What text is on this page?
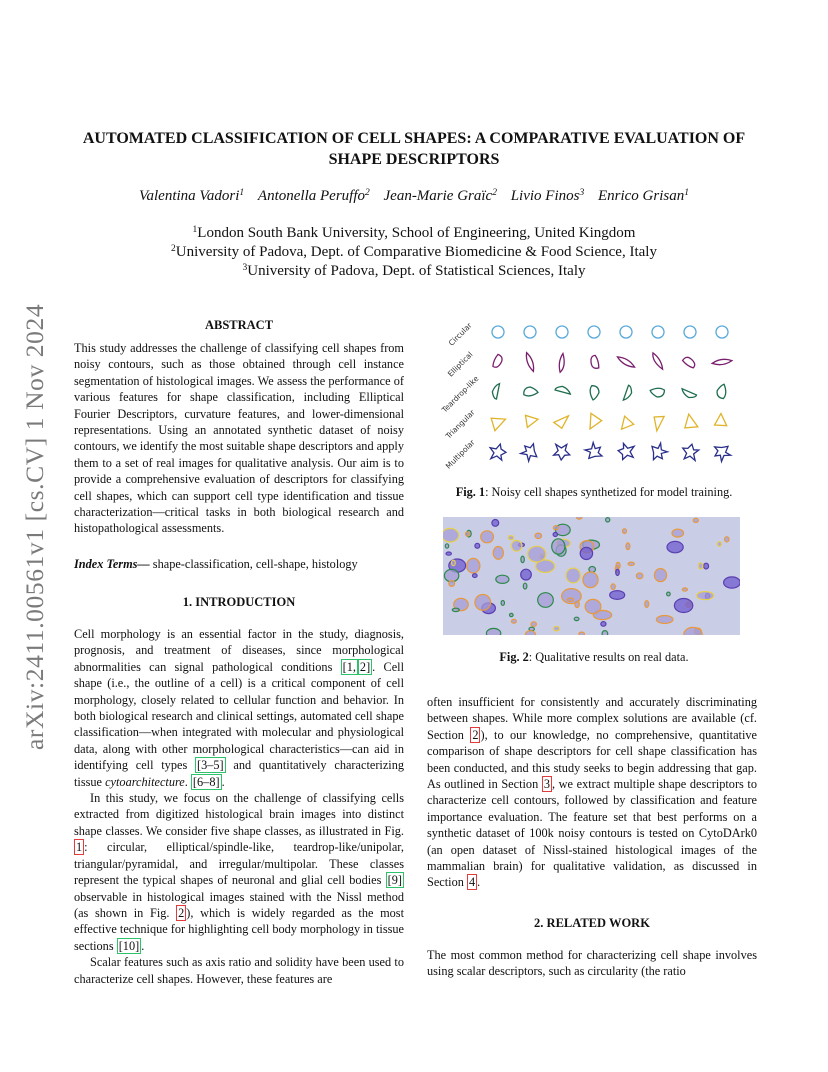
arXiv:2411.00561v1 [cs.CV] 1 Nov 2024
AUTOMATED CLASSIFICATION OF CELL SHAPES: A COMPARATIVE EVALUATION OF
SHAPE DESCRIPTORS
Valentina Vadori$^1$ Antonella Peruffo$^2$ Jean-Marie Graïc$^2$ Livio Finos$^3$ Enrico Grisan$^1$
$^1$London South Bank University, School of Engineering, United Kingdom
$^2$University of Padova, Dept. of Comparative Biomedicine & Food Science, Italy
$^3$University of Padova, Dept. of Statistical Sciences, Italy
ABSTRACT

This study addresses the challenge of classifying cell shapes from noisy contours, such as those obtained through cell instance segmentation of histological images. We assess the performance of various features for shape classification, including Elliptical Fourier Descriptors, curvature features, and lower-dimensional representations. Using an annotated synthetic dataset of noisy contours, we identify the most suitable shape descriptors and apply them to a set of real images for qualitative analysis. Our aim is to provide a comprehensive evaluation of descriptors for classifying cell shapes, which can support cell type identification and tissue characterization—critical tasks in both biological research and histopathological assessments.

Index Terms— shape-classification, cell-shape, histology
1. INTRODUCTION

Cell morphology is an essential factor in the study, diagnosis, prognosis, and treatment of diseases, since morphological abnormalities can signal pathological conditions [1, 2] . Cell shape (i.e., the outline of a cell) is a critical component of cell morphology, closely related to cellular function and behavior. In both biological research and clinical settings, automated cell shape classification—when integrated with molecular and physiological data, along with other morphological characteristics—can aid in identifying cell types [3–5] and quantitatively characterizing tissue cytoarchitecture. [6–8] .

In this study, we focus on the challenge of classifying cells extracted from digitized histological brain images into distinct shape classes. We consider five shape classes, as illustrated in Fig. 1 : circular, elliptical/spindle-like, teardrop-like/unipolar, triangular/pyramidal, and irregular/multipolar. These classes represent the typical shapes of neuronal and glial cell bodies [9] observable in histological images stained with the Nissl method (as shown in Fig. 2 ), which is widely regarded as the most effective technique for highlighting cell body morphology in tissue sections [10] .

Scalar features such as axis ratio and solidity have been used to characterize cell shapes. However, these features are

Circular
Elliptical
Teardrop-like
Triangular
Multipolar
Fig. 1: Noisy cell shapes synthetized for model training.
Fig. 2: Qualitative results on real data.

often insufficient for consistently and accurately discriminating between shapes. While more complex solutions are available (cf. Section 2 ), to our knowledge, no comprehensive, quantitative comparison of shape descriptors for cell shape classification has been conducted, and this study seeks to begin addressing that gap. As outlined in Section 3 , we extract multiple shape descriptors to characterize cell contours, followed by classification and feature importance evaluation. The feature set that best performs on a synthetic dataset of 100k noisy contours is tested on CytoDArk0 (an open dataset of Nissl-stained histological images of the mammalian brain) for qualitative validation, as discussed in Section 4 .

2. RELATED WORK

The most common method for characterizing cell shape involves using scalar descriptors, such as circularity (the ratio
